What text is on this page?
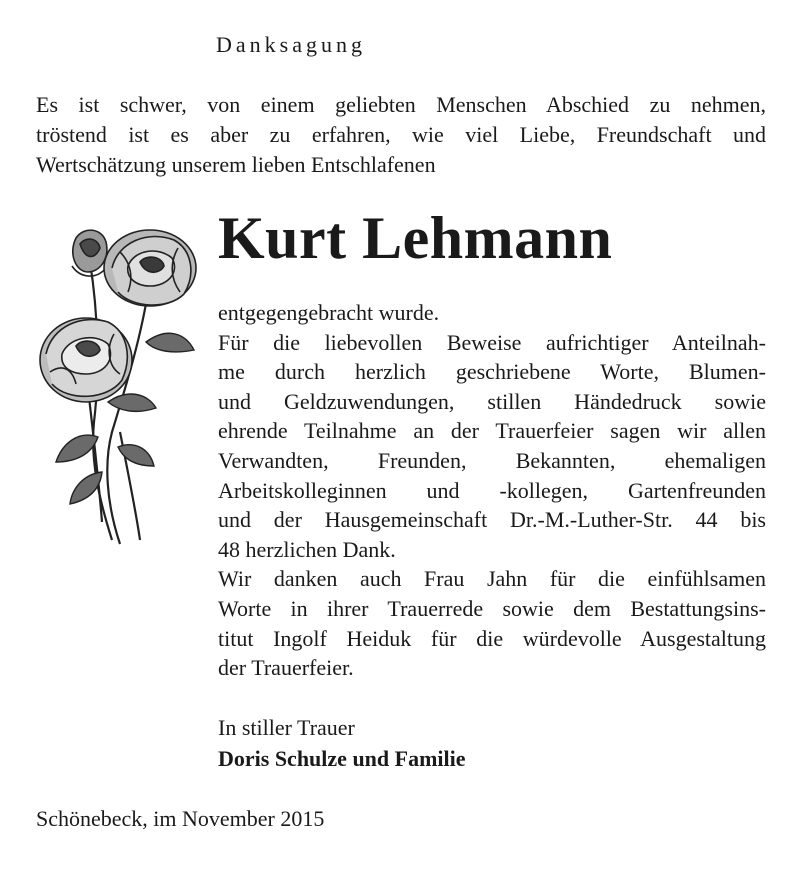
Danksagung
Es ist schwer, von einem geliebten Menschen Abschied zu nehmen,
tröstend ist es aber zu erfahren, wie viel Liebe, Freundschaft und
Wertschätzung unserem lieben Entschlafenen
Kurt Lehmann
entgegengebracht wurde.
Für die liebevollen Beweise aufrichtiger Anteilnah-
me durch herzlich geschriebene Worte, Blumen-
und Geldzuwendungen, stillen Händedruck sowie
ehrende Teilnahme an der Trauerfeier sagen wir allen
Verwandten, Freunden, Bekannten, ehemaligen
Arbeitskolleginnen und -kollegen, Gartenfreunden
und der Hausgemeinschaft Dr.-M.-Luther-Str. 44 bis
48 herzlichen Dank.
Wir danken auch Frau Jahn für die einfühlsamen
Worte in ihrer Trauerrede sowie dem Bestattungsins-
titut Ingolf Heiduk für die würdevolle Ausgestaltung
der Trauerfeier.
In stiller Trauer
Doris Schulze und Familie
Schönebeck, im November 2015
